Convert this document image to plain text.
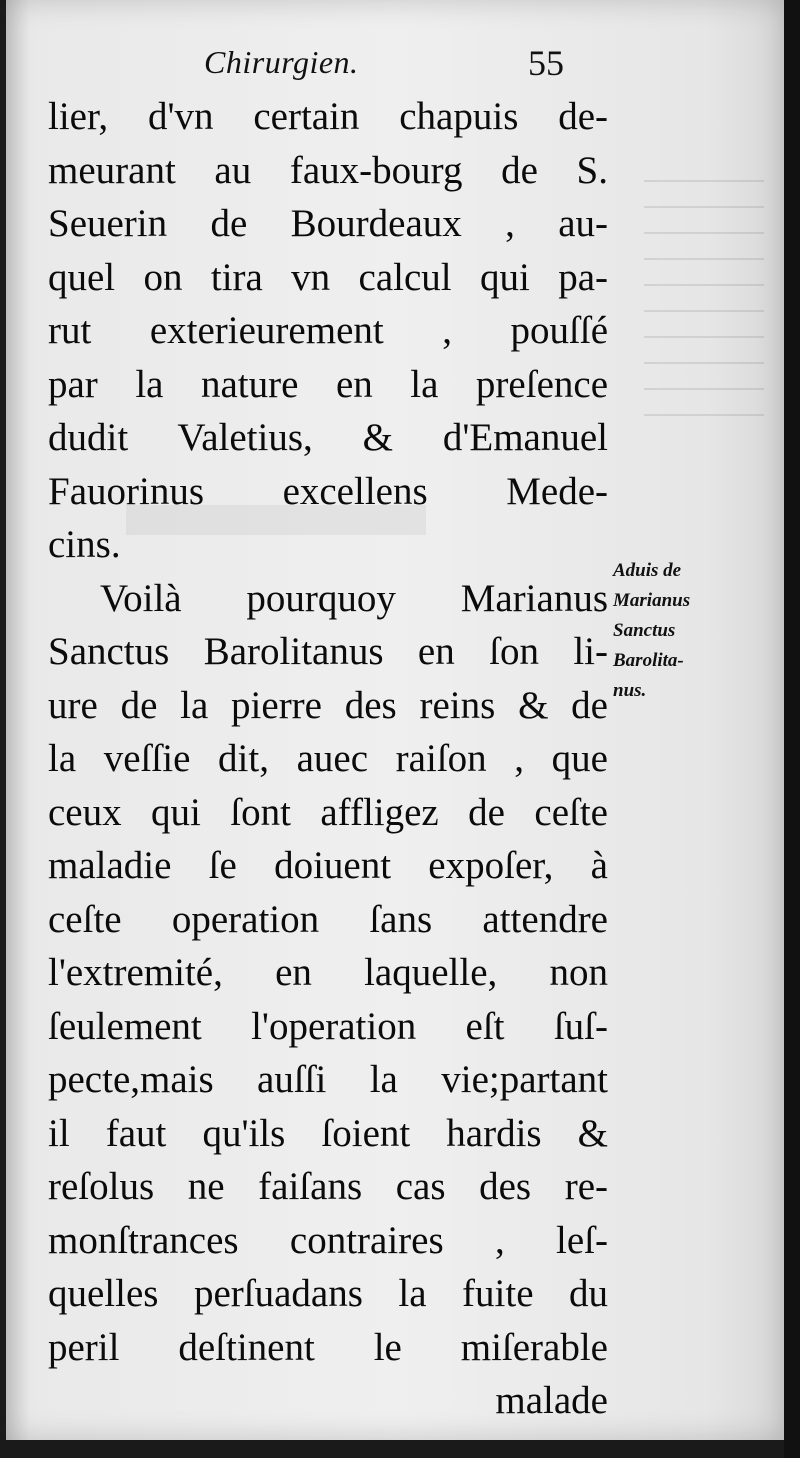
Chirurgien.	55
lier, d'vn certain chapuis de-
meurant au faux-bourg de S.
Seuerin de Bourdeaux , au-
quel on tira vn calcul qui pa-
rut exterieurement , pouſſé
par la nature en la preſence
dudit Valetius, & d'Emanuel
Fauorinus excellens Mede-
cins.
Voilà pourquoy Marianus
Sanctus Barolitanus en ſon li-
ure de la pierre des reins & de
la veſſie dit, auec raiſon , que
ceux qui ſont affligez de ceſte
maladie ſe doiuent expoſer, à
ceſte operation ſans attendre
l'extremité, en laquelle, non
ſeulement l'operation eſt ſuſ-
pecte,mais auſſi la vie;partant
il faut qu'ils ſoient hardis &
reſolus ne faiſans cas des re-
monſtrances contraires , leſ-
quelles perſuadans la fuite du
peril deſtinent le miſerable
malade
Aduis de
Marianus
Sanctus
Barolita-
nus.
